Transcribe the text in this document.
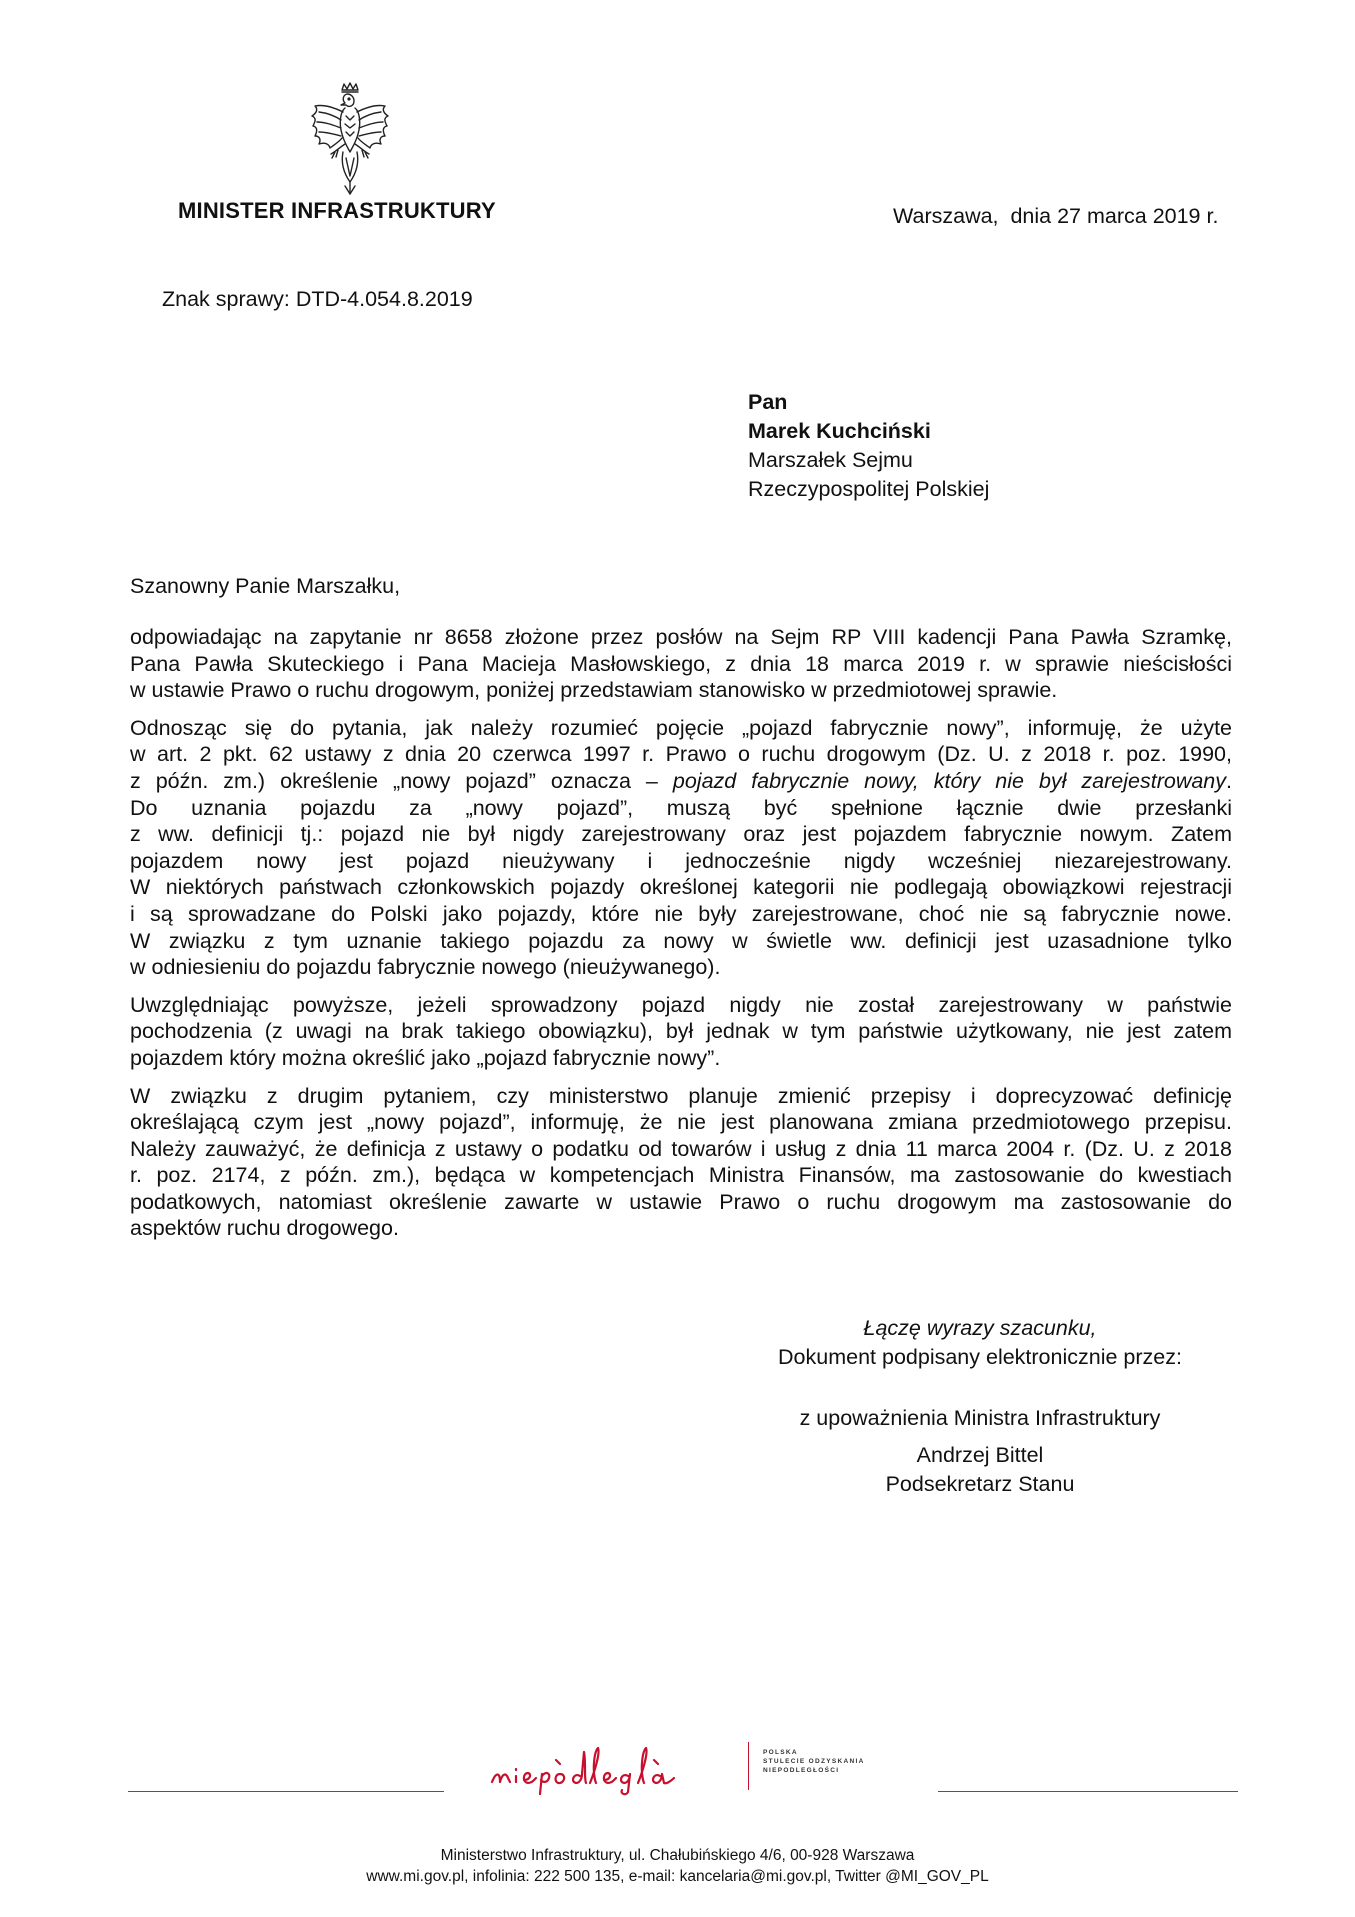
MINISTER INFRASTRUKTURY	Warszawa,  dnia 27 marca 2019 r.
Znak sprawy: DTD-4.054.8.2019
Pan
Marek Kuchciński
Marszałek Sejmu
Rzeczypospolitej Polskiej
Szanowny Panie Marszałku,

odpowiadając na zapytanie nr 8658 złożone przez posłów na Sejm RP VIII kadencji Pana Pawła Szramkę,
Pana Pawła Skuteckiego i Pana Macieja Masłowskiego, z dnia 18 marca 2019 r. w sprawie nieścisłości
w ustawie Prawo o ruchu drogowym, poniżej przedstawiam stanowisko w przedmiotowej sprawie.

Odnosząc się do pytania, jak należy rozumieć pojęcie „pojazd fabrycznie nowy”, informuję, że użyte
w art. 2 pkt. 62 ustawy z dnia 20 czerwca 1997 r. Prawo o ruchu drogowym (Dz. U. z 2018 r. poz. 1990,
z późn. zm.) określenie „nowy pojazd” oznacza – pojazd fabrycznie nowy, który nie był zarejestrowany.
Do uznania pojazdu za „nowy pojazd”, muszą być spełnione łącznie dwie przesłanki
z ww. definicji tj.: pojazd nie był nigdy zarejestrowany oraz jest pojazdem fabrycznie nowym. Zatem
pojazdem nowy jest pojazd nieużywany i jednocześnie nigdy wcześniej niezarejestrowany.
W niektórych państwach członkowskich pojazdy określonej kategorii nie podlegają obowiązkowi rejestracji
i są sprowadzane do Polski jako pojazdy, które nie były zarejestrowane, choć nie są fabrycznie nowe.
W związku z tym uznanie takiego pojazdu za nowy w świetle ww. definicji jest uzasadnione tylko
w odniesieniu do pojazdu fabrycznie nowego (nieużywanego).

Uwzględniając powyższe, jeżeli sprowadzony pojazd nigdy nie został zarejestrowany w państwie
pochodzenia (z uwagi na brak takiego obowiązku), był jednak w tym państwie użytkowany, nie jest zatem
pojazdem który można określić jako „pojazd fabrycznie nowy”.

W związku z drugim pytaniem, czy ministerstwo planuje zmienić przepisy i doprecyzować definicję
określającą czym jest „nowy pojazd”, informuję, że nie jest planowana zmiana przedmiotowego przepisu.
Należy zauważyć, że definicja z ustawy o podatku od towarów i usług z dnia 11 marca 2004 r. (Dz. U. z 2018
r. poz. 2174, z późn. zm.), będąca w kompetencjach Ministra Finansów, ma zastosowanie do kwestiach
podatkowych, natomiast określenie zawarte w ustawie Prawo o ruchu drogowym ma zastosowanie do
aspektów ruchu drogowego.

Łączę wyrazy szacunku,
Dokument podpisany elektronicznie przez:
z upoważnienia Ministra Infrastruktury
Andrzej Bittel
Podsekretarz Stanu
POLSKA
STULECIE ODZYSKANIA
NIEPODLEGŁOŚCI
Ministerstwo Infrastruktury, ul. Chałubińskiego 4/6, 00-928 Warszawa
www.mi.gov.pl, infolinia: 222 500 135, e-mail: kancelaria@mi.gov.pl, Twitter @MI_GOV_PL
